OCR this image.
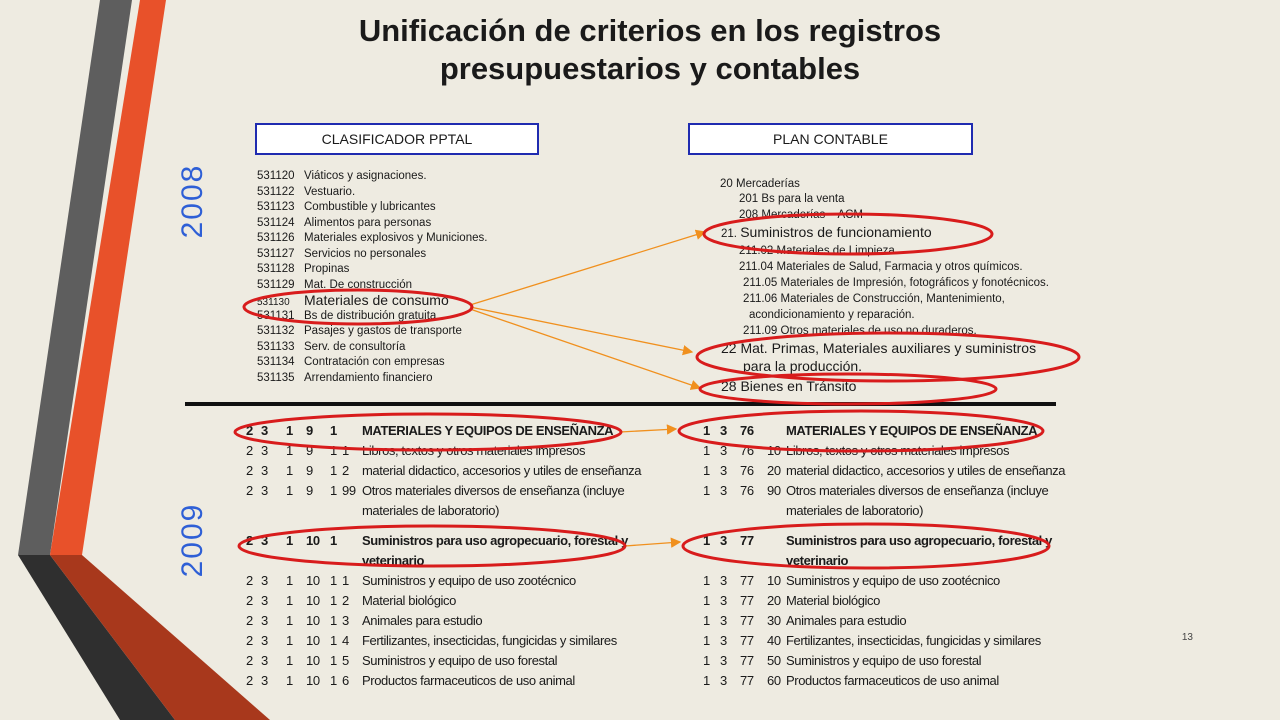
Unificación de criterios en los registros
presupuestarios y contables
CLASIFICADOR PPTAL	PLAN CONTABLE
2008
2009
531120 Viáticos y asignaciones.
531122 Vestuario.
531123 Combustible y lubricantes
531124 Alimentos para personas
531126 Materiales explosivos y Municiones.
531127 Servicios no personales
531128 Propinas
531129 Mat. De construcción
531130 Materiales de consumo
531131 Bs de distribución gratuita
531132 Pasajes y gastos de transporte
531133 Serv. de consultoría
531134 Contratación con empresas
531135 Arrendamiento financiero
20 Mercaderías
201 Bs para la venta
208 Mercaderías – ACM
21. Suministros de funcionamiento
211.02 Materiales de Limpieza
211.04 Materiales de Salud, Farmacia y otros químicos.
211.05 Materiales de Impresión, fotográficos y fonotécnicos.
211.06 Materiales de Construcción, Mantenimiento,
acondicionamiento y reparación.
211.09 Otros materiales de uso no duraderos.
22 Mat. Primas, Materiales auxiliares y suministros
para la producción.
28 Bienes en Tránsito
2 3 1 9 1 MATERIALES Y EQUIPOS DE ENSEÑANZA
2 3 1 9 1 1 Libros, textos y otros materiales impresos
2 3 1 9 1 2 material didactico, accesorios y utiles de enseñanza
2 3 1 9 1 99 Otros materiales diversos de enseñanza (incluye
materiales de laboratorio)
2 3 1 10 1 Suministros para uso agropecuario, forestal y
veterinario
2 3 1 10 1 1 Suministros y equipo de uso zootécnico
2 3 1 10 1 2 Material biológico
2 3 1 10 1 3 Animales para estudio
2 3 1 10 1 4 Fertilizantes, insecticidas, fungicidas y similares
2 3 1 10 1 5 Suministros y equipo de uso forestal
2 3 1 10 1 6 Productos farmaceuticos de uso animal
1 3 76 MATERIALES Y EQUIPOS DE ENSEÑANZA
1 3 76 10 Libros, textos y otros materiales impresos
1 3 76 20 material didactico, accesorios y utiles de enseñanza
1 3 76 90 Otros materiales diversos de enseñanza (incluye
materiales de laboratorio)
1 3 77 Suministros para uso agropecuario, forestal y
veterinario
1 3 77 10 Suministros y equipo de uso zootécnico
1 3 77 20 Material biológico
1 3 77 30 Animales para estudio
1 3 77 40 Fertilizantes, insecticidas, fungicidas y similares
1 3 77 50 Suministros y equipo de uso forestal
1 3 77 60 Productos farmaceuticos de uso animal
13
